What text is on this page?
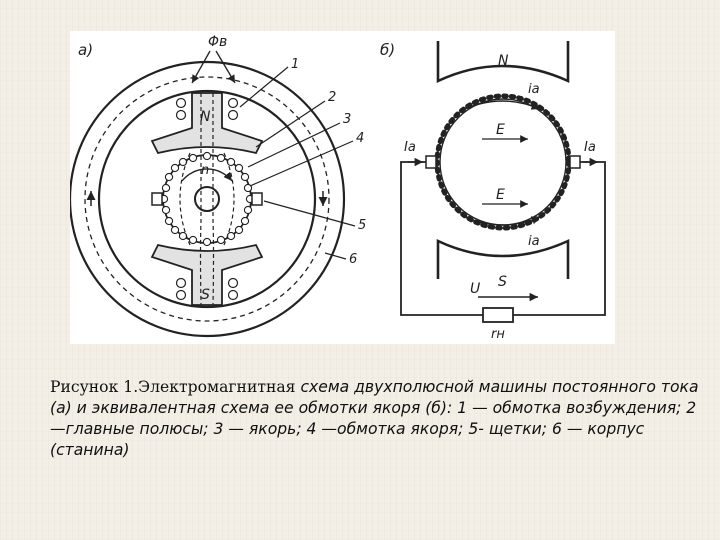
а)
N
S
n
Φв
1
2
3
4
5
6
б)
N
S
iа
iа
E
E
Iа	Iа
U
rн
Рисунок 1.Электромагнитная схема двухполюсной машины постоянного тока (а) и эквивалентная схема ее обмотки якоря (б): 1 — обмотка возбуждения; 2 —главные полюсы; 3 — якорь; 4 —обмотка якоря; 5- щетки; 6 — корпус (станина)
